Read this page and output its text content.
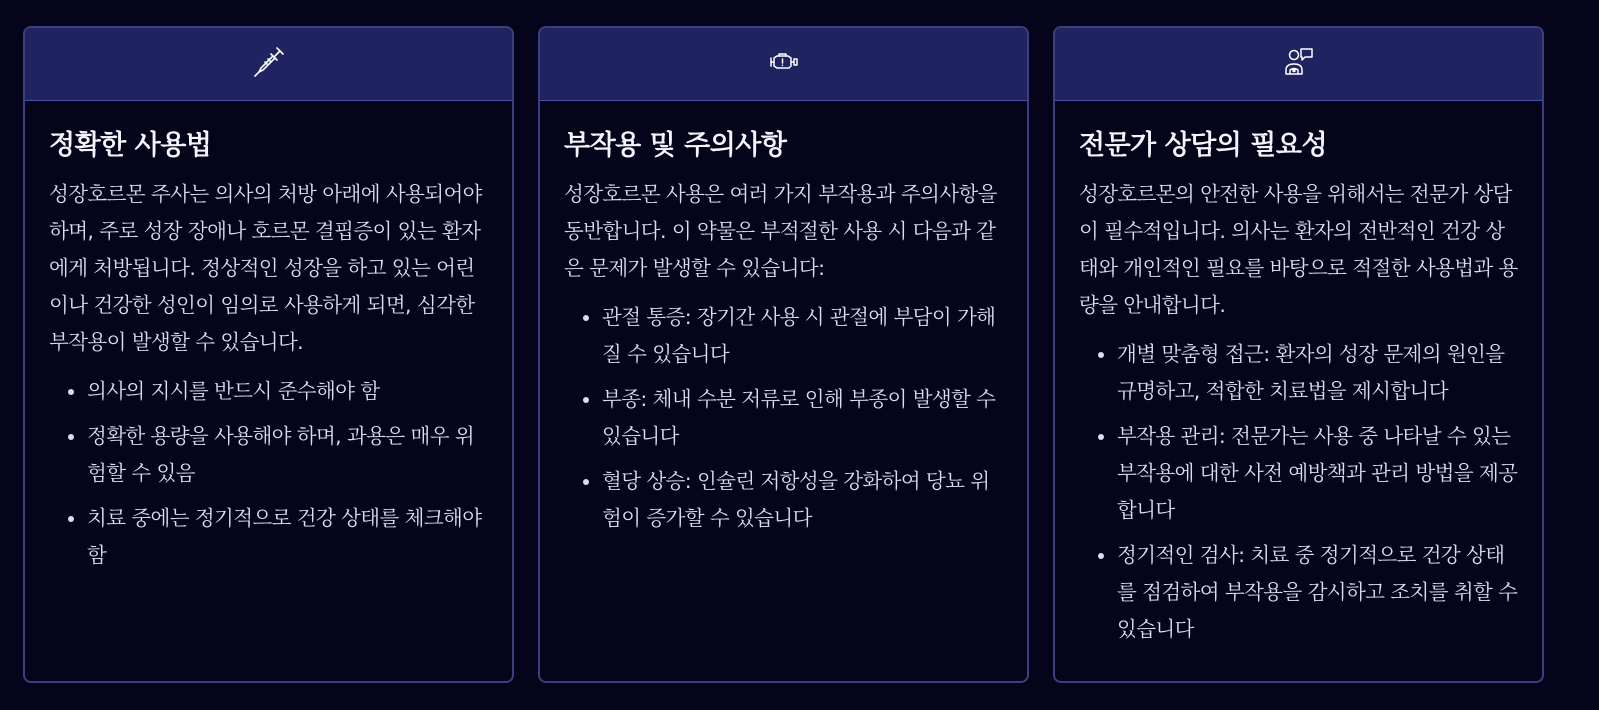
정확한 사용법

성장호르몬 주사는 의사의 처방 아래에 사용되어야 하며, 주로 성장 장애나 호르몬 결핍증이 있는 환자에게 처방됩니다. 정상적인 성장을 하고 있는 어린이나 건강한 성인이 임의로 사용하게 되면, 심각한 부작용이 발생할 수 있습니다.

• 의사의 지시를 반드시 준수해야 함
• 정확한 용량을 사용해야 하며, 과용은 매우 위험할 수 있음
• 치료 중에는 정기적으로 건강 상태를 체크해야 함
부작용 및 주의사항

성장호르몬 사용은 여러 가지 부작용과 주의사항을 동반합니다. 이 약물은 부적절한 사용 시 다음과 같은 문제가 발생할 수 있습니다:

• 관절 통증: 장기간 사용 시 관절에 부담이 가해질 수 있습니다
• 부종: 체내 수분 저류로 인해 부종이 발생할 수 있습니다
• 혈당 상승: 인슐린 저항성을 강화하여 당뇨 위험이 증가할 수 있습니다
전문가 상담의 필요성

성장호르몬의 안전한 사용을 위해서는 전문가 상담이 필수적입니다. 의사는 환자의 전반적인 건강 상태와 개인적인 필요를 바탕으로 적절한 사용법과 용량을 안내합니다.

• 개별 맞춤형 접근: 환자의 성장 문제의 원인을 규명하고, 적합한 치료법을 제시합니다
• 부작용 관리: 전문가는 사용 중 나타날 수 있는 부작용에 대한 사전 예방책과 관리 방법을 제공합니다
• 정기적인 검사: 치료 중 정기적으로 건강 상태를 점검하여 부작용을 감시하고 조치를 취할 수 있습니다
